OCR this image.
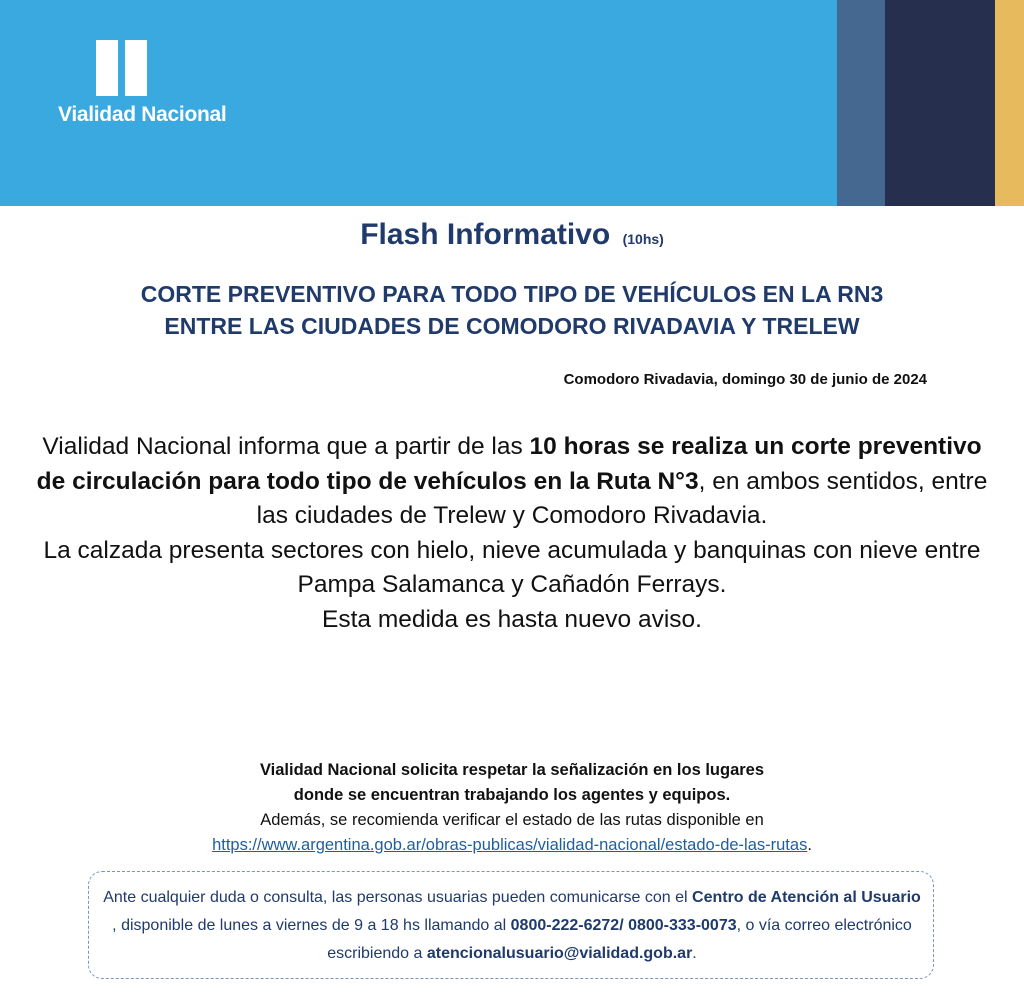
Vialidad Nacional
Flash Informativo (10hs)
CORTE PREVENTIVO PARA TODO TIPO DE VEHÍCULOS EN LA RN3
ENTRE LAS CIUDADES DE COMODORO RIVADAVIA Y TRELEW
Comodoro Rivadavia, domingo 30 de junio de 2024
Vialidad Nacional informa que a partir de las 10 horas se realiza un corte preventivo de circulación para todo tipo de vehículos en la Ruta N°3, en ambos sentidos, entre las ciudades de Trelew y Comodoro Rivadavia.
La calzada presenta sectores con hielo, nieve acumulada y banquinas con nieve entre Pampa Salamanca y Cañadón Ferrays.
Esta medida es hasta nuevo aviso.
Vialidad Nacional solicita respetar la señalización en los lugares
donde se encuentran trabajando los agentes y equipos.
Además, se recomienda verificar el estado de las rutas disponible en
https://www.argentina.gob.ar/obras-publicas/vialidad-nacional/estado-de-las-rutas.
Ante cualquier duda o consulta, las personas usuarias pueden comunicarse con el Centro de Atención al Usuario , disponible de lunes a viernes de 9 a 18 hs llamando al 0800-222-6272/ 0800-333-0073, o vía correo electrónico escribiendo a atencionalusuario@vialidad.gob.ar.
